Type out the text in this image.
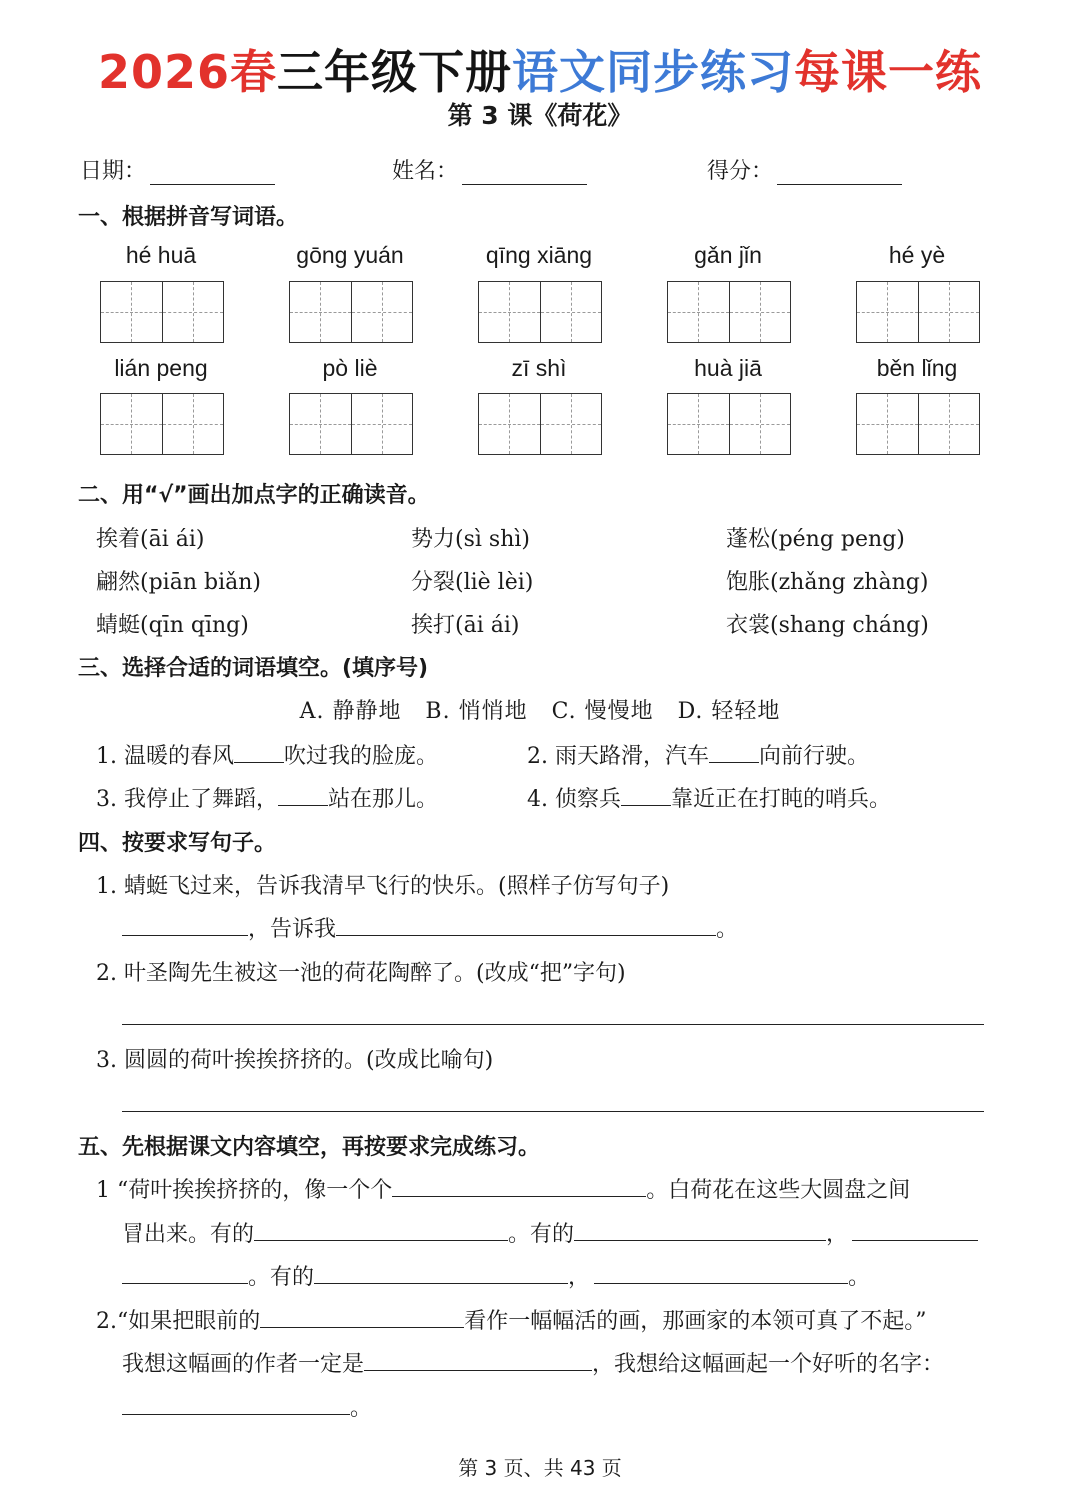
2026春三年级下册语文同步练习每课一练
第 3 课《荷花》
日期：	姓名：	得分：
一、根据拼音写词语。
hé huā	gōng yuán	qīng xiāng	gǎn jǐn	hé yè
lián peng	pò liè	zī shì	huà jiā	běn lǐng
二、用“√”画出加点字的正确读音。
挨着(āi ái)	势力(sì shì)	蓬松(péng peng)
翩然(piān biǎn)	分裂(liè lèi)	饱胀(zhǎng zhàng)
蜻蜓(qīn qīng)	挨打(āi ái)	衣裳(shang cháng)
三、选择合适的词语填空。(填序号)
A. 静静地   B. 悄悄地   C. 慢慢地   D. 轻轻地
1. 温暖的春风 吹过我的脸庞。	2. 雨天路滑，汽车 向前行驶。
3. 我停止了舞蹈， 站在那儿。	4. 侦察兵 靠近正在打盹的哨兵。
四、按要求写句子。
1. 蜻蜓飞过来，告诉我清早飞行的快乐。(照样子仿写句子)
，告诉我	。
2. 叶圣陶先生被这一池的荷花陶醉了。(改成“把”字句)
3. 圆圆的荷叶挨挨挤挤的。(改成比喻句)
五、先根据课文内容填空，再按要求完成练习。
1 “荷叶挨挨挤挤的，像一个个	。白荷花在这些大圆盘之间
冒出来。有的	。有的	，
。有的	，	。
2.“如果把眼前的	看作一幅幅活的画，那画家的本领可真了不起。”
我想这幅画的作者一定是	，我想给这幅画起一个好听的名字：
。
第 3 页、共 43 页
